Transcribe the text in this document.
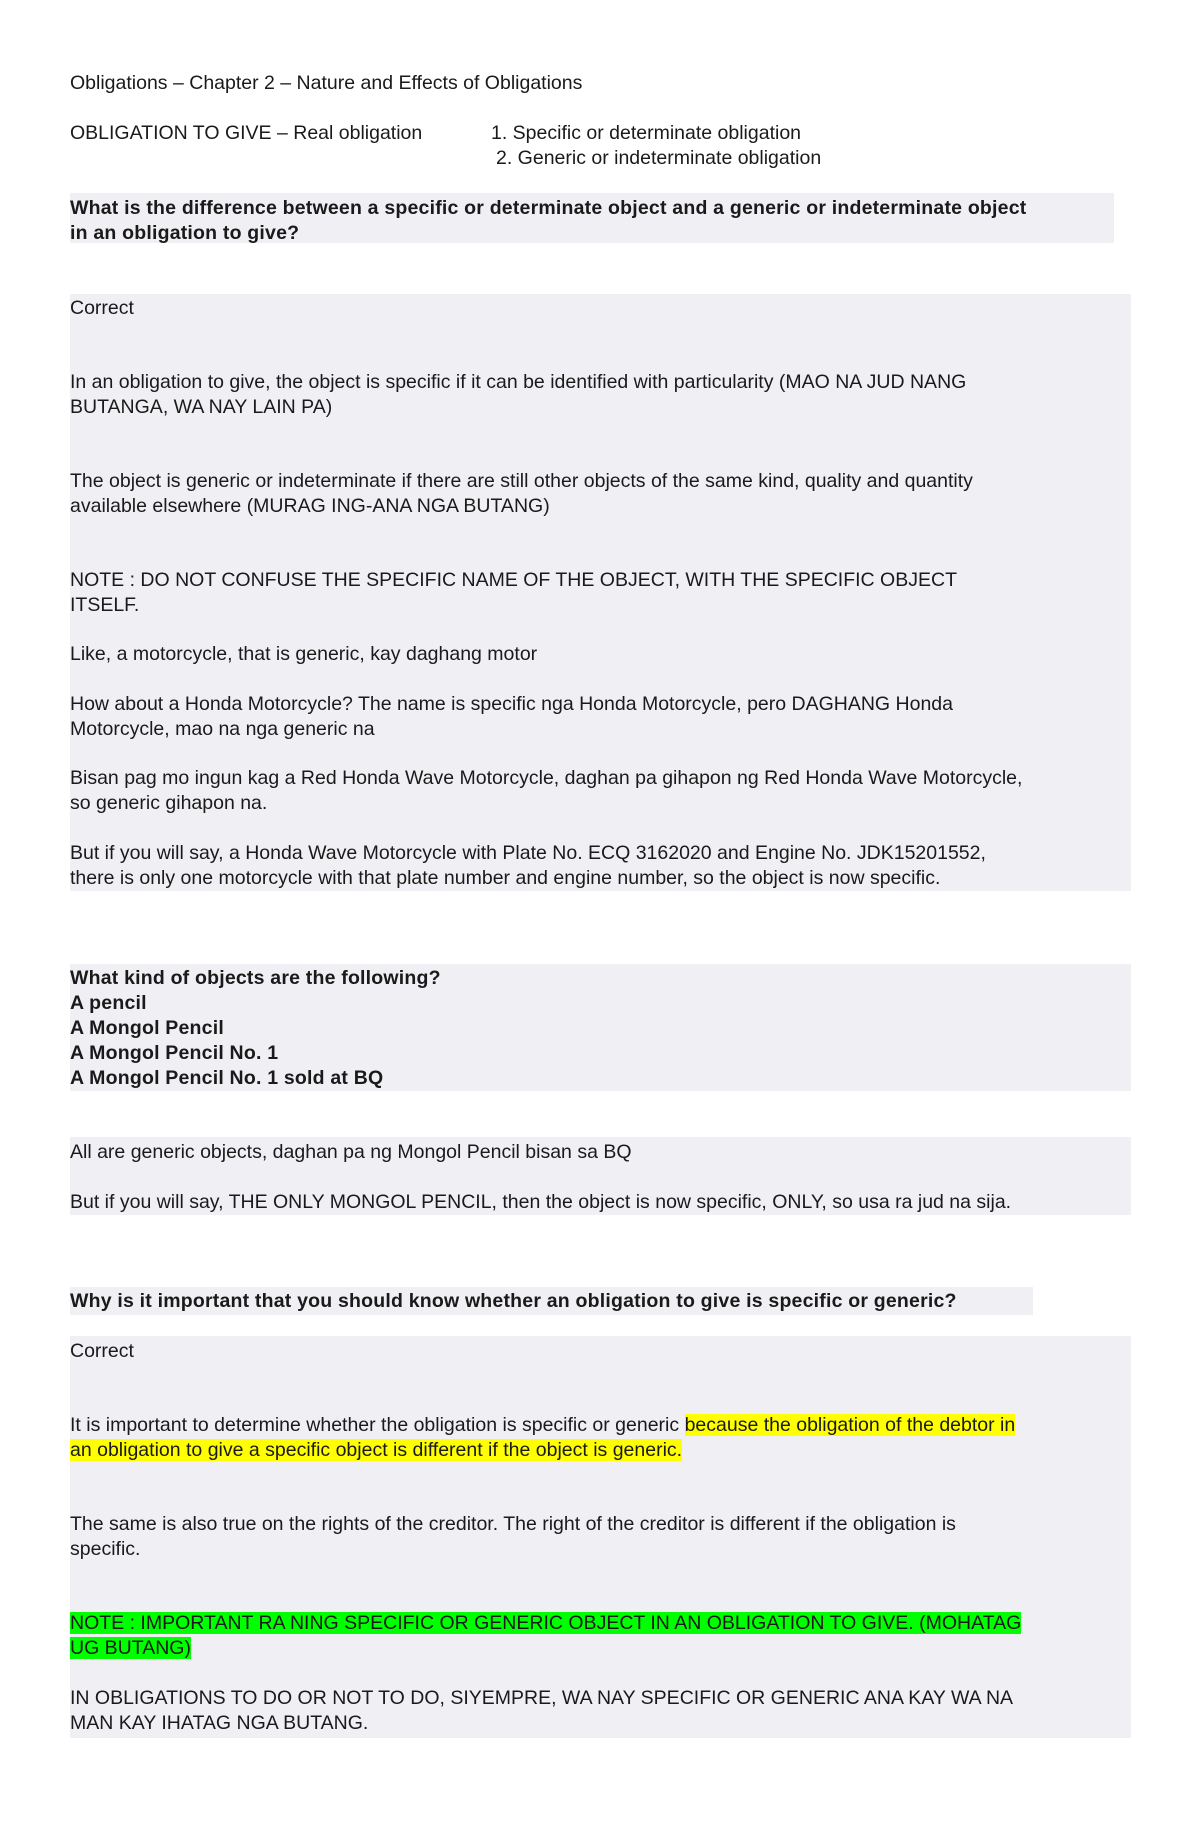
Obligations – Chapter 2 – Nature and Effects of Obligations

OBLIGATION TO GIVE – Real obligation	1. Specific or determinate obligation

2. Generic or indeterminate obligation

What is the difference between a specific or determinate object and a generic or indeterminate object

in an obligation to give?

Correct

In an obligation to give, the object is specific if it can be identified with particularity (MAO NA JUD NANG

BUTANGA, WA NAY LAIN PA)

The object is generic or indeterminate if there are still other objects of the same kind, quality and quantity

available elsewhere (MURAG ING-ANA NGA BUTANG)

NOTE : DO NOT CONFUSE THE SPECIFIC NAME OF THE OBJECT, WITH THE SPECIFIC OBJECT

ITSELF.

Like, a motorcycle, that is generic, kay daghang motor

How about a Honda Motorcycle? The name is specific nga Honda Motorcycle, pero DAGHANG Honda

Motorcycle, mao na nga generic na

Bisan pag mo ingun kag a Red Honda Wave Motorcycle, daghan pa gihapon ng Red Honda Wave Motorcycle,

so generic gihapon na.

But if you will say, a Honda Wave Motorcycle with Plate No. ECQ 3162020 and Engine No. JDK15201552,

there is only one motorcycle with that plate number and engine number, so the object is now specific.

What kind of objects are the following?

A pencil

A Mongol Pencil

A Mongol Pencil No. 1

A Mongol Pencil No. 1 sold at BQ

All are generic objects, daghan pa ng Mongol Pencil bisan sa BQ

But if you will say, THE ONLY MONGOL PENCIL, then the object is now specific, ONLY, so usa ra jud na sija.

Why is it important that you should know whether an obligation to give is specific or generic?

Correct

It is important to determine whether the obligation is specific or generic because the obligation of the debtor in

an obligation to give a specific object is different if the object is generic.

The same is also true on the rights of the creditor. The right of the creditor is different if the obligation is

specific.

NOTE : IMPORTANT RA NING SPECIFIC OR GENERIC OBJECT IN AN OBLIGATION TO GIVE. (MOHATAG

UG BUTANG)

IN OBLIGATIONS TO DO OR NOT TO DO, SIYEMPRE, WA NAY SPECIFIC OR GENERIC ANA KAY WA NA

MAN KAY IHATAG NGA BUTANG.
